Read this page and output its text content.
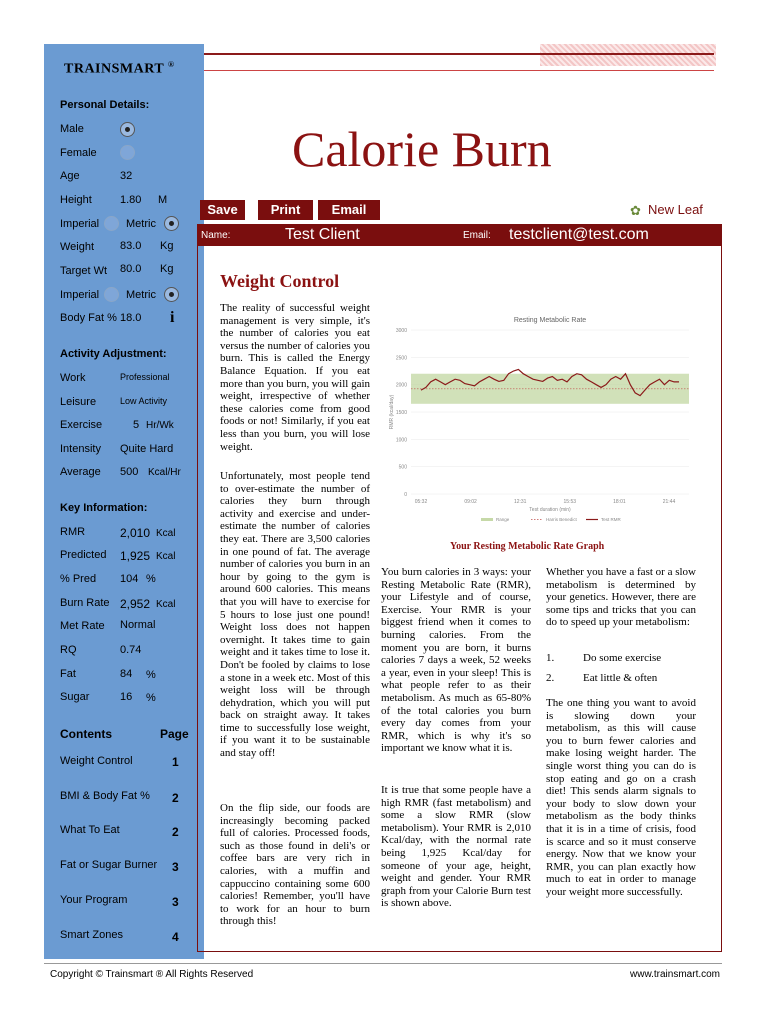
TRAINSMART ®
Personal Details:
Male
Female
Age	32
Height	1.80 M
Imperial Metric
Weight 83.0 Kg
Target Wt 80.0 Kg
Imperial Metric
Body Fat % 18.0 i
Activity Adjustment:
Work	Professional
Leisure	Low Activity
Exercise	5 Hr/Wk
Intensity Quite Hard
Average 500 Kcal/Hr
Key Information:
RMR	2,010 Kcal
Predicted 1,925 Kcal
% Pred 104 %
Burn Rate 2,952 Kcal
Met Rate Normal
RQ	0.74
Fat	84 %
Sugar	16 %
Contents	Page
Weight Control	1
BMI & Body Fat % 2
What To Eat	2
Fat or Sugar Burner 3
Your Program	3
Smart Zones	4
Calorie Burn
Save	Print	Email	✿ New Leaf
Name:	Test Client	Email: testclient@test.com
Weight Control
The reality of successful weight management is very simple, it's the number of calories you eat versus the number of calories you burn. This is called the Energy Balance Equation. If you eat more than you burn, you will gain weight, irrespective of whether these calories come from good foods or not! Similarly, if you eat less than you burn, you will lose weight.
Unfortunately, most people tend to over-estimate the number of calories they burn through activity and exercise and under-estimate the number of calories they eat. There are 3,500 calories in one pound of fat. The average number of calories you burn in an hour by going to the gym is around 600 calories. This means that you will have to exercise for 5 hours to lose just one pound! Weight loss does not happen overnight. It takes time to gain weight and it takes time to lose it. Don't be fooled by claims to lose a stone in a week etc. Most of this weight loss will be through dehydration, which you will put back on straight away. It takes time to successfully lose weight, if you want it to be sustainable and stay off!
On the flip side, our foods are increasingly becoming packed full of calories. Processed foods, such as those found in deli's or coffee bars are very rich in calories, with a muffin and cappuccino containing some 600 calories! Remember, you'll have to work for an hour to burn through this!
You burn calories in 3 ways: your Resting Metabolic Rate (RMR), your Lifestyle and of course, Exercise. Your RMR is your biggest friend when it comes to burning calories. From the moment you are born, it burns calories 7 days a week, 52 weeks a year, even in your sleep! This is what people refer to as their metabolism. As much as 65-80% of the total calories you burn every day comes from your RMR, which is why it's so important we know what it is.
It is true that some people have a high RMR (fast metabolism) and some a slow RMR (slow metabolism). Your RMR is 2,010 Kcal/day, with the normal rate being 1,925 Kcal/day for someone of your age, height, weight and gender. Your RMR graph from your Calorie Burn test is shown above.
Whether you have a fast or a slow metabolism is determined by your genetics. However, there are some tips and tricks that you can do to speed up your metabolism:
1.	Do some exercise
2.	Eat little & often
The one thing you want to avoid is slowing down your metabolism, as this will cause you to burn fewer calories and make losing weight harder. The single worst thing you can do is stop eating and go on a crash diet! This sends alarm signals to your body to slow down your metabolism as the body thinks that it is in a time of crisis, food is scarce and so it must conserve energy. Now that we know your RMR, you can plan exactly how much to eat in order to manage your weight more successfully.
Resting Metabolic Rate
0
500
1000
1500
2000
2500
3000
05:32	09:02	12:31	15:53	18:01	21:44
Test duration (min)
RMR (kcal/day)
Range	Harris Benedict	Test RMR
Your Resting Metabolic Rate Graph
Copyright © Trainsmart ® All Rights Reserved	www.trainsmart.com
